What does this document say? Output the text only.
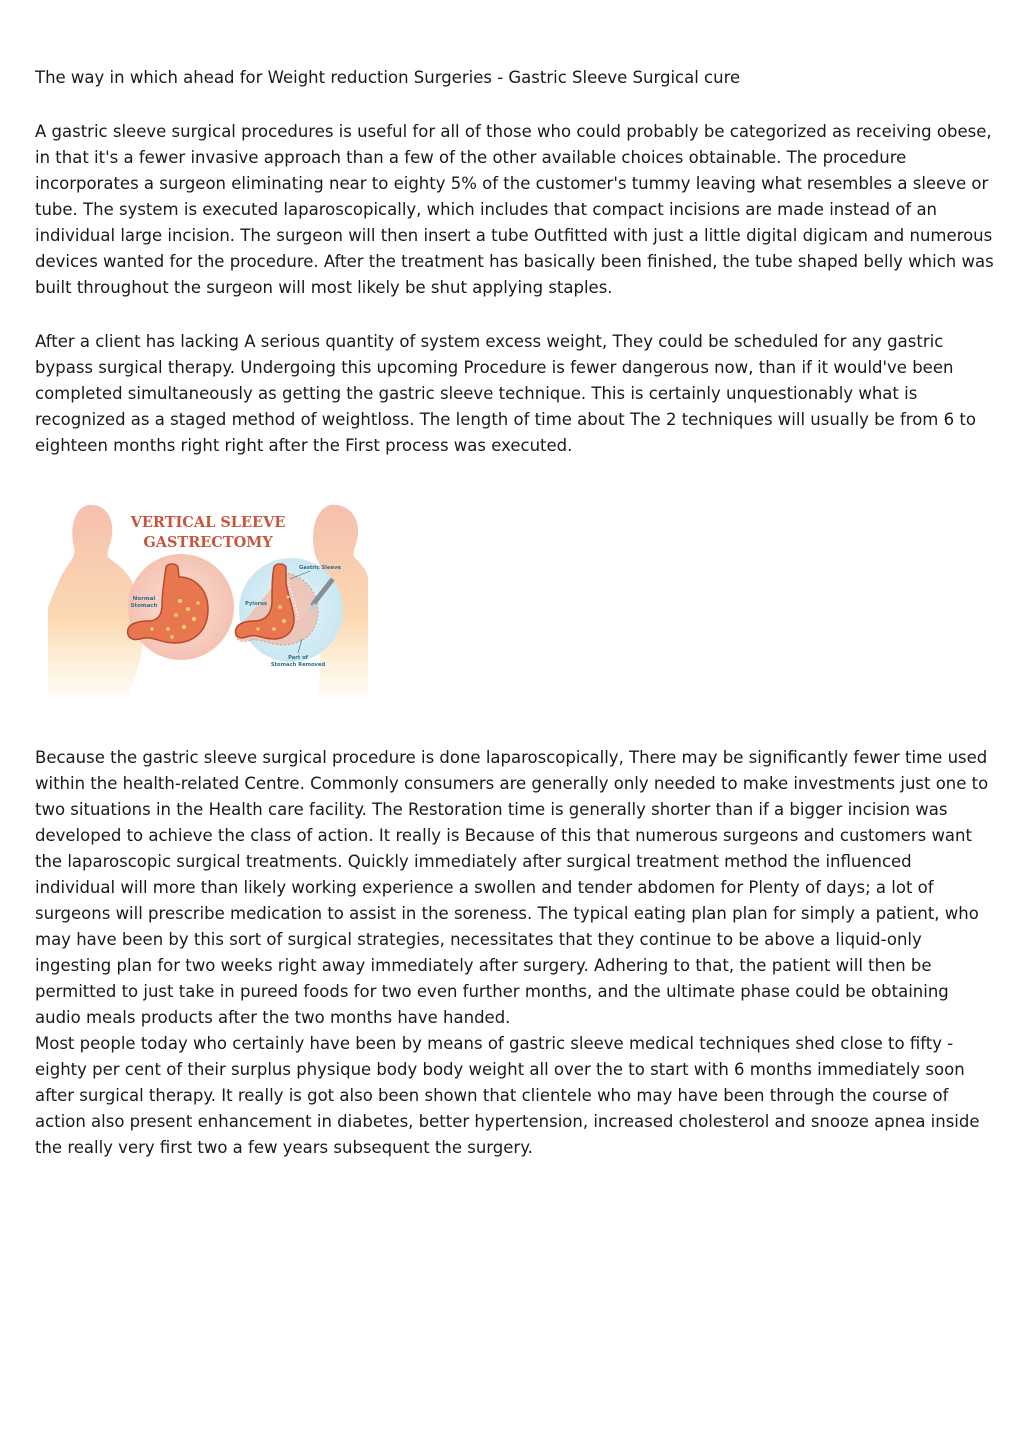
The way in which ahead for Weight reduction Surgeries - Gastric Sleeve Surgical cure

A gastric sleeve surgical procedures is useful for all of those who could probably be categorized as receiving obese, in that it's a fewer invasive approach than a few of the other available choices obtainable. The procedure incorporates a surgeon eliminating near to eighty 5% of the customer's tummy leaving what resembles a sleeve or tube. The system is executed laparoscopically, which includes that compact incisions are made instead of an individual large incision. The surgeon will then insert a tube Outfitted with just a little digital digicam and numerous devices wanted for the procedure. After the treatment has basically been finished, the tube shaped belly which was built throughout the surgeon will most likely be shut applying staples.

After a client has lacking A serious quantity of system excess weight, They could be scheduled for any gastric bypass surgical therapy. Undergoing this upcoming Procedure is fewer dangerous now, than if it would've been completed simultaneously as getting the gastric sleeve technique. This is certainly unquestionably what is recognized as a staged method of weightloss. The length of time about The 2 techniques will usually be from 6 to eighteen months right right after the First process was executed.

VERTICAL SLEEVE
GASTRECTOMY
Normal
Stomach
Gastric Sleeve
Pylorus
Part of
Stomach Removed

Because the gastric sleeve surgical procedure is done laparoscopically, There may be significantly fewer time used within the health-related Centre. Commonly consumers are generally only needed to make investments just one to two situations in the Health care facility. The Restoration time is generally shorter than if a bigger incision was developed to achieve the class of action. It really is Because of this that numerous surgeons and customers want the laparoscopic surgical treatments. Quickly immediately after surgical treatment method the influenced individual will more than likely working experience a swollen and tender abdomen for Plenty of days; a lot of surgeons will prescribe medication to assist in the soreness. The typical eating plan plan for simply a patient, who may have been by this sort of surgical strategies, necessitates that they continue to be above a liquid-only ingesting plan for two weeks right away immediately after surgery. Adhering to that, the patient will then be permitted to just take in pureed foods for two even further months, and the ultimate phase could be obtaining audio meals products after the two months have handed.

Most people today who certainly have been by means of gastric sleeve medical techniques shed close to fifty - eighty per cent of their surplus physique body body weight all over the to start with 6 months immediately soon after surgical therapy. It really is got also been shown that clientele who may have been through the course of action also present enhancement in diabetes, better hypertension, increased cholesterol and snooze apnea inside the really very first two a few years subsequent the surgery.
